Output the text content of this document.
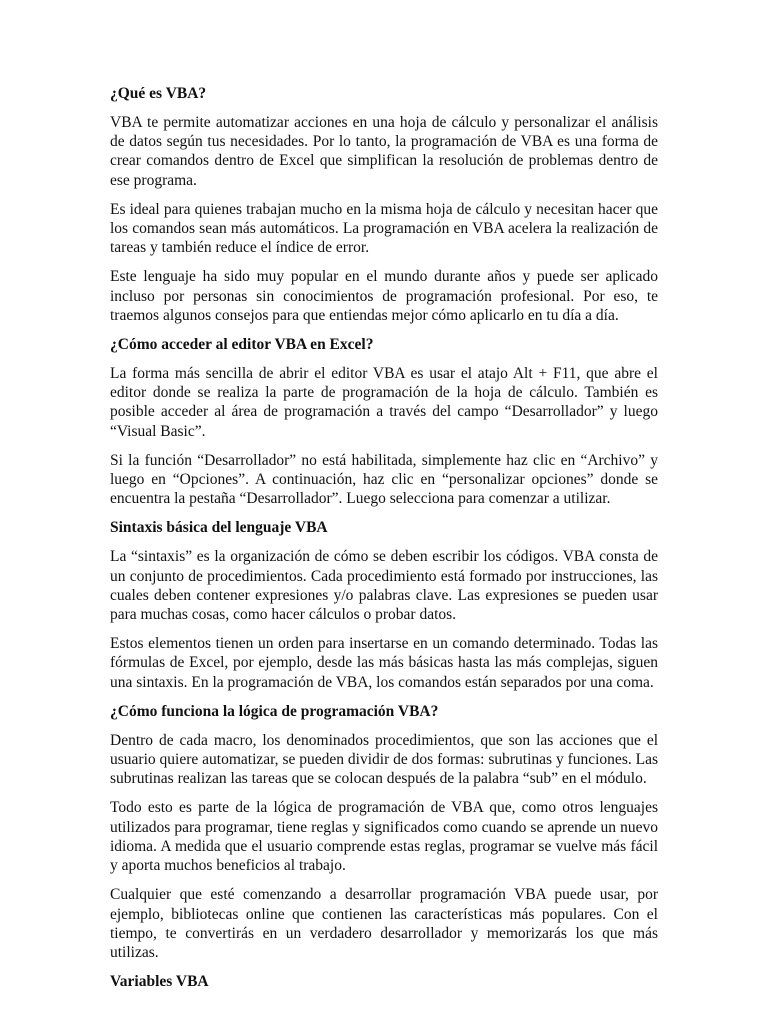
¿Qué es VBA?

VBA te permite automatizar acciones en una hoja de cálculo y personalizar el análisis de datos según tus necesidades. Por lo tanto, la programación de VBA es una forma de crear comandos dentro de Excel que simplifican la resolución de problemas dentro de ese programa.

Es ideal para quienes trabajan mucho en la misma hoja de cálculo y necesitan hacer que los comandos sean más automáticos. La programación en VBA acelera la realización de tareas y también reduce el índice de error.

Este lenguaje ha sido muy popular en el mundo durante años y puede ser aplicado incluso por personas sin conocimientos de programación profesional. Por eso, te traemos algunos consejos para que entiendas mejor cómo aplicarlo en tu día a día.

¿Cómo acceder al editor VBA en Excel?

La forma más sencilla de abrir el editor VBA es usar el atajo Alt + F11, que abre el editor donde se realiza la parte de programación de la hoja de cálculo. También es posible acceder al área de programación a través del campo “Desarrollador” y luego “Visual Basic”.

Si la función “Desarrollador” no está habilitada, simplemente haz clic en “Archivo” y luego en “Opciones”. A continuación, haz clic en “personalizar opciones” donde se encuentra la pestaña “Desarrollador”. Luego selecciona para comenzar a utilizar.

Sintaxis básica del lenguaje VBA

La “sintaxis” es la organización de cómo se deben escribir los códigos. VBA consta de un conjunto de procedimientos. Cada procedimiento está formado por instrucciones, las cuales deben contener expresiones y/o palabras clave. Las expresiones se pueden usar para muchas cosas, como hacer cálculos o probar datos.

Estos elementos tienen un orden para insertarse en un comando determinado. Todas las fórmulas de Excel, por ejemplo, desde las más básicas hasta las más complejas, siguen una sintaxis. En la programación de VBA, los comandos están separados por una coma.

¿Cómo funciona la lógica de programación VBA?

Dentro de cada macro, los denominados procedimientos, que son las acciones que el usuario quiere automatizar, se pueden dividir de dos formas: subrutinas y funciones. Las subrutinas realizan las tareas que se colocan después de la palabra “sub” en el módulo.

Todo esto es parte de la lógica de programación de VBA que, como otros lenguajes utilizados para programar, tiene reglas y significados como cuando se aprende un nuevo idioma. A medida que el usuario comprende estas reglas, programar se vuelve más fácil y aporta muchos beneficios al trabajo.

Cualquier que esté comenzando a desarrollar programación VBA puede usar, por ejemplo, bibliotecas online que contienen las características más populares. Con el tiempo, te convertirás en un verdadero desarrollador y memorizarás los que más utilizas.

Variables VBA
